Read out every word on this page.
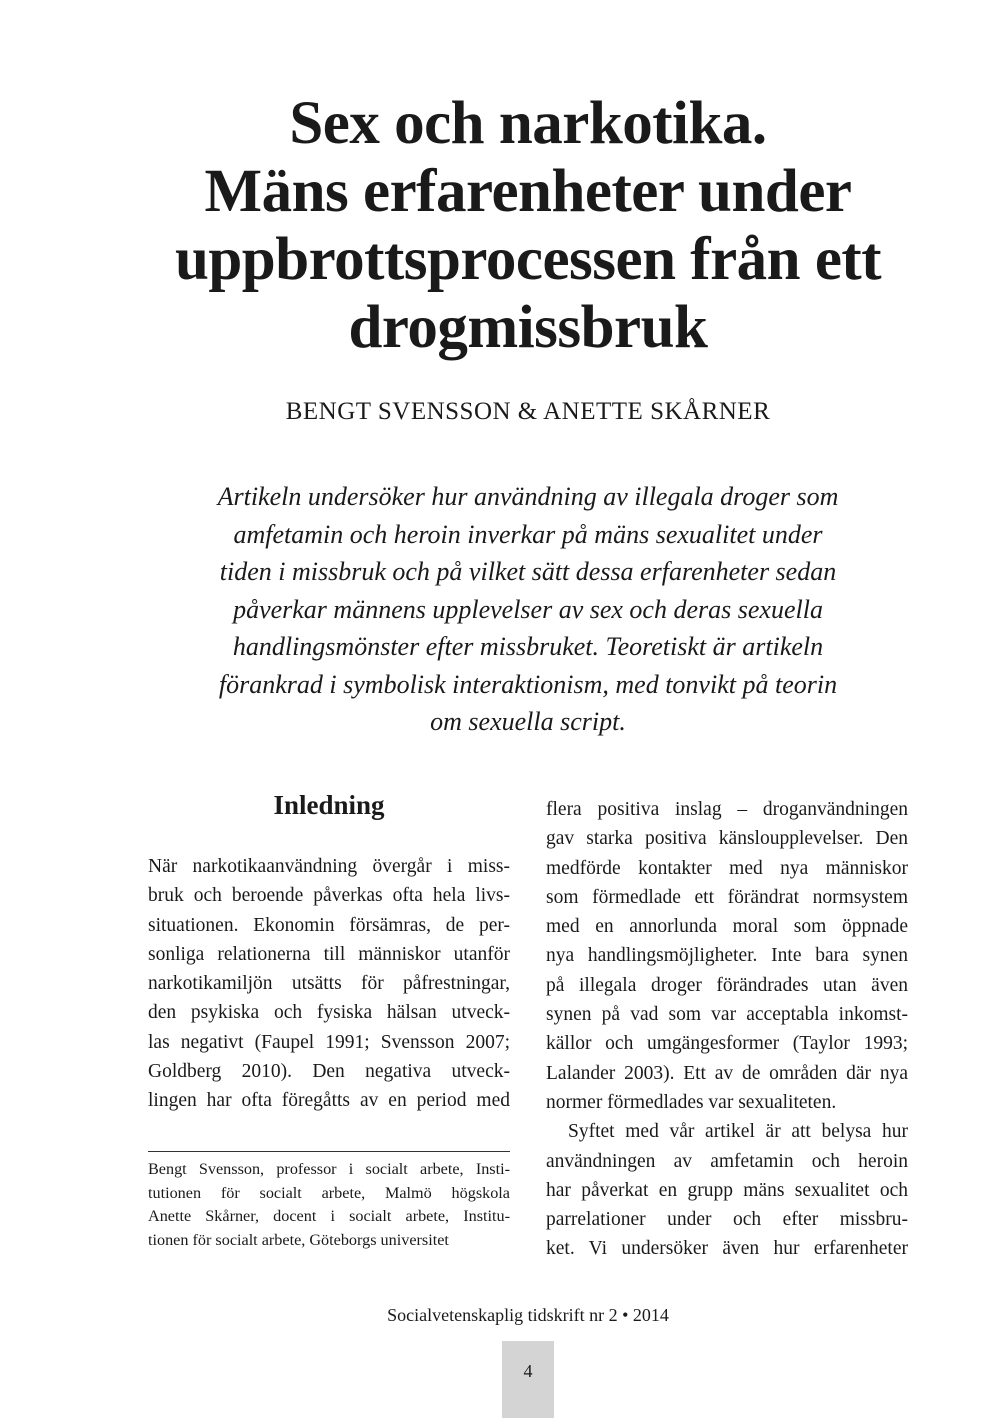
Sex och narkotika.
Mäns erfarenheter under
uppbrottsprocessen från ett
drogmissbruk
BENGT SVENSSON & ANETTE SKÅRNER
Artikeln undersöker hur användning av illegala droger som
amfetamin och heroin inverkar på mäns sexualitet under
tiden i missbruk och på vilket sätt dessa erfarenheter sedan
påverkar männens upplevelser av sex och deras sexuella
handlingsmönster efter missbruket. Teoretiskt är artikeln
förankrad i symbolisk interaktionism, med tonvikt på teorin
om sexuella script.
Inledning
När narkotikaanvändning övergår i miss-
bruk och beroende påverkas ofta hela livs-
situationen. Ekonomin försämras, de per-
sonliga relationerna till människor utanför
narkotikamiljön utsätts för påfrestningar,
den psykiska och fysiska hälsan utveck-
las negativt (Faupel 1991; Svensson 2007;
Goldberg 2010). Den negativa utveck-
lingen har ofta föregåtts av en period med
Bengt Svensson, professor i socialt arbete, Insti-
tutionen för socialt arbete, Malmö högskola
Anette Skårner, docent i socialt arbete, Institu-
tionen för socialt arbete, Göteborgs universitet
flera positiva inslag – droganvändningen
gav starka positiva känsloupplevelser. Den
medförde kontakter med nya människor
som förmedlade ett förändrat normsystem
med en annorlunda moral som öppnade
nya handlingsmöjligheter. Inte bara synen
på illegala droger förändrades utan även
synen på vad som var acceptabla inkomst-
källor och umgängesformer (Taylor 1993;
Lalander 2003). Ett av de områden där nya
normer förmedlades var sexualiteten.
Syftet med vår artikel är att belysa hur
användningen av amfetamin och heroin
har påverkat en grupp mäns sexualitet och
parrelationer under och efter missbru-
ket. Vi undersöker även hur erfarenheter
Socialvetenskaplig tidskrift nr 2 • 2014
4
